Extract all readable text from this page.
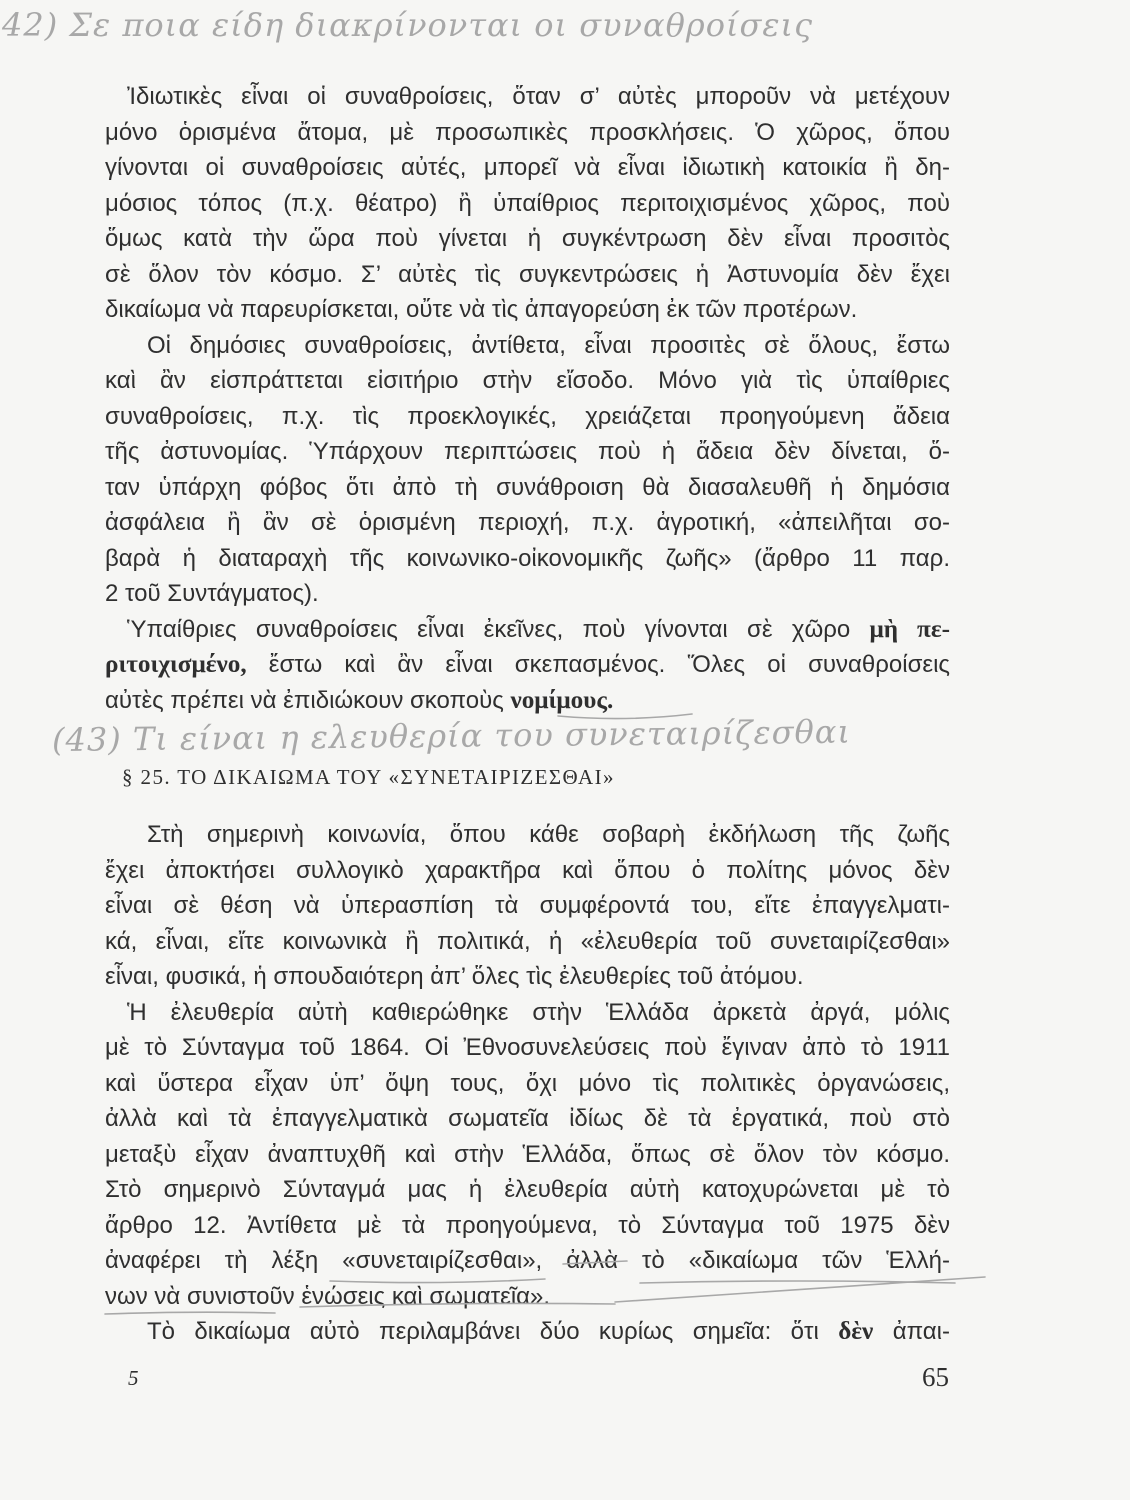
42) Σε ποια είδη διακρίνονται οι συναθροίσεις
Ἰδιωτικὲς εἶναι οἱ συναθροίσεις, ὅταν σ’ αὐτὲς μποροῦν νὰ μετέχουν
μόνο ὁρισμένα ἄτομα, μὲ προσωπικὲς προσκλήσεις. Ὁ χῶρος, ὅπου
γίνονται οἱ συναθροίσεις αὐτές, μπορεῖ νὰ εἶναι ἰδιωτικὴ κατοικία ἢ δη-
μόσιος τόπος (π.χ. θέατρο) ἢ ὑπαίθριος περιτοιχισμένος χῶρος, ποὺ
ὅμως κατὰ τὴν ὥρα ποὺ γίνεται ἡ συγκέντρωση δὲν εἶναι προσιτὸς
σὲ ὅλον τὸν κόσμο. Σ’ αὐτὲς τὶς συγκεντρώσεις ἡ Ἀστυνομία δὲν ἔχει
δικαίωμα νὰ παρευρίσκεται, οὔτε νὰ τὶς ἀπαγορεύση ἐκ τῶν προτέρων.
Οἱ δημόσιες συναθροίσεις, ἀντίθετα, εἶναι προσιτὲς σὲ ὅλους, ἔστω
καὶ ἂν εἰσπράττεται εἰσιτήριο στὴν εἴσοδο. Μόνο γιὰ τὶς ὑπαίθριες
συναθροίσεις, π.χ. τὶς προεκλογικές, χρειάζεται προηγούμενη ἄδεια
τῆς ἀστυνομίας. Ὑπάρχουν περιπτώσεις ποὺ ἡ ἄδεια δὲν δίνεται, ὅ-
ταν ὑπάρχη φόβος ὅτι ἀπὸ τὴ συνάθροιση θὰ διασαλευθῆ ἡ δημόσια
ἀσφάλεια ἢ ἂν σὲ ὁρισμένη περιοχή, π.χ. ἀγροτική, «ἀπειλῆται σο-
βαρὰ ἡ διαταραχὴ τῆς κοινωνικο-οἰκονομικῆς ζωῆς» (ἄρθρο 11 παρ.
2 τοῦ Συντάγματος).
Ὑπαίθριες συναθροίσεις εἶναι ἐκεῖνες, ποὺ γίνονται σὲ χῶρο μὴ πε-
ριτοιχισμένο, ἔστω καὶ ἂν εἶναι σκεπασμένος. Ὅλες οἱ συναθροίσεις
αὐτὲς πρέπει νὰ ἐπιδιώκουν σκοποὺς νομίμους.
(43) Τι είναι η ελευθερία του συνεταιρίζεσθαι
§ 25. ΤΟ ΔΙΚΑΙΩΜΑ ΤΟΥ «ΣΥΝΕΤΑΙΡΙΖΕΣΘΑΙ»
Στὴ σημερινὴ κοινωνία, ὅπου κάθε σοβαρὴ ἐκδήλωση τῆς ζωῆς
ἔχει ἀποκτήσει συλλογικὸ χαρακτῆρα καὶ ὅπου ὁ πολίτης μόνος δὲν
εἶναι σὲ θέση νὰ ὑπερασπίση τὰ συμφέροντά του, εἴτε ἐπαγγελματι-
κά, εἶναι, εἴτε κοινωνικὰ ἢ πολιτικά, ἡ «ἐλευθερία τοῦ συνεταιρίζεσθαι»
εἶναι, φυσικά, ἡ σπουδαιότερη ἀπ’ ὅλες τὶς ἐλευθερίες τοῦ ἀτόμου.
Ἡ ἐλευθερία αὐτὴ καθιερώθηκε στὴν Ἑλλάδα ἀρκετὰ ἀργά, μόλις
μὲ τὸ Σύνταγμα τοῦ 1864. Οἱ Ἐθνοσυνελεύσεις ποὺ ἔγιναν ἀπὸ τὸ 1911
καὶ ὕστερα εἶχαν ὑπ’ ὄψη τους, ὄχι μόνο τὶς πολιτικὲς ὀργανώσεις,
ἀλλὰ καὶ τὰ ἐπαγγελματικὰ σωματεῖα ἰδίως δὲ τὰ ἐργατικά, ποὺ στὸ
μεταξὺ εἶχαν ἀναπτυχθῆ καὶ στὴν Ἑλλάδα, ὅπως σὲ ὅλον τὸν κόσμο.
Στὸ σημερινὸ Σύνταγμά μας ἡ ἐλευθερία αὐτὴ κατοχυρώνεται μὲ τὸ
ἄρθρο 12. Ἀντίθετα μὲ τὰ προηγούμενα, τὸ Σύνταγμα τοῦ 1975 δὲν
ἀναφέρει τὴ λέξη «συνεταιρίζεσθαι», ἀλλὰ τὸ «δικαίωμα τῶν Ἑλλή-
νων νὰ συνιστοῦν ἑνώσεις καὶ σωματεῖα».
Τὸ δικαίωμα αὐτὸ περιλαμβάνει δύο κυρίως σημεῖα: ὅτι δὲν ἀπαι-
5	65
